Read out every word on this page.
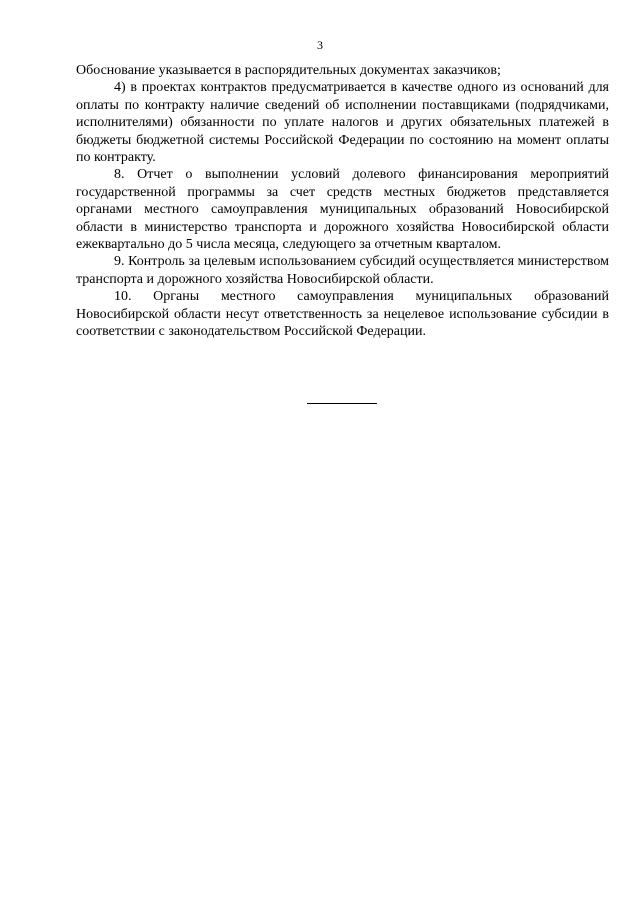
3

Обоснование указывается в распорядительных документах заказчиков;

4) в проектах контрактов предусматривается в качестве одного из оснований для оплаты по контракту наличие сведений об исполнении поставщиками (подрядчиками, исполнителями) обязанности по уплате налогов и других обязательных платежей в бюджеты бюджетной системы Российской Федерации по состоянию на момент оплаты по контракту.

8. Отчет о выполнении условий долевого финансирования мероприятий государственной программы за счет средств местных бюджетов представляется органами местного самоуправления муниципальных образований Новосибирской области в министерство транспорта и дорожного хозяйства Новосибирской области ежеквартально до 5 числа месяца, следующего за отчетным кварталом.

9. Контроль за целевым использованием субсидий осуществляется министерством транспорта и дорожного хозяйства Новосибирской области.

10. Органы местного самоуправления муниципальных образований Новосибирской области несут ответственность за нецелевое использование субсидии в соответствии с законодательством Российской Федерации.
